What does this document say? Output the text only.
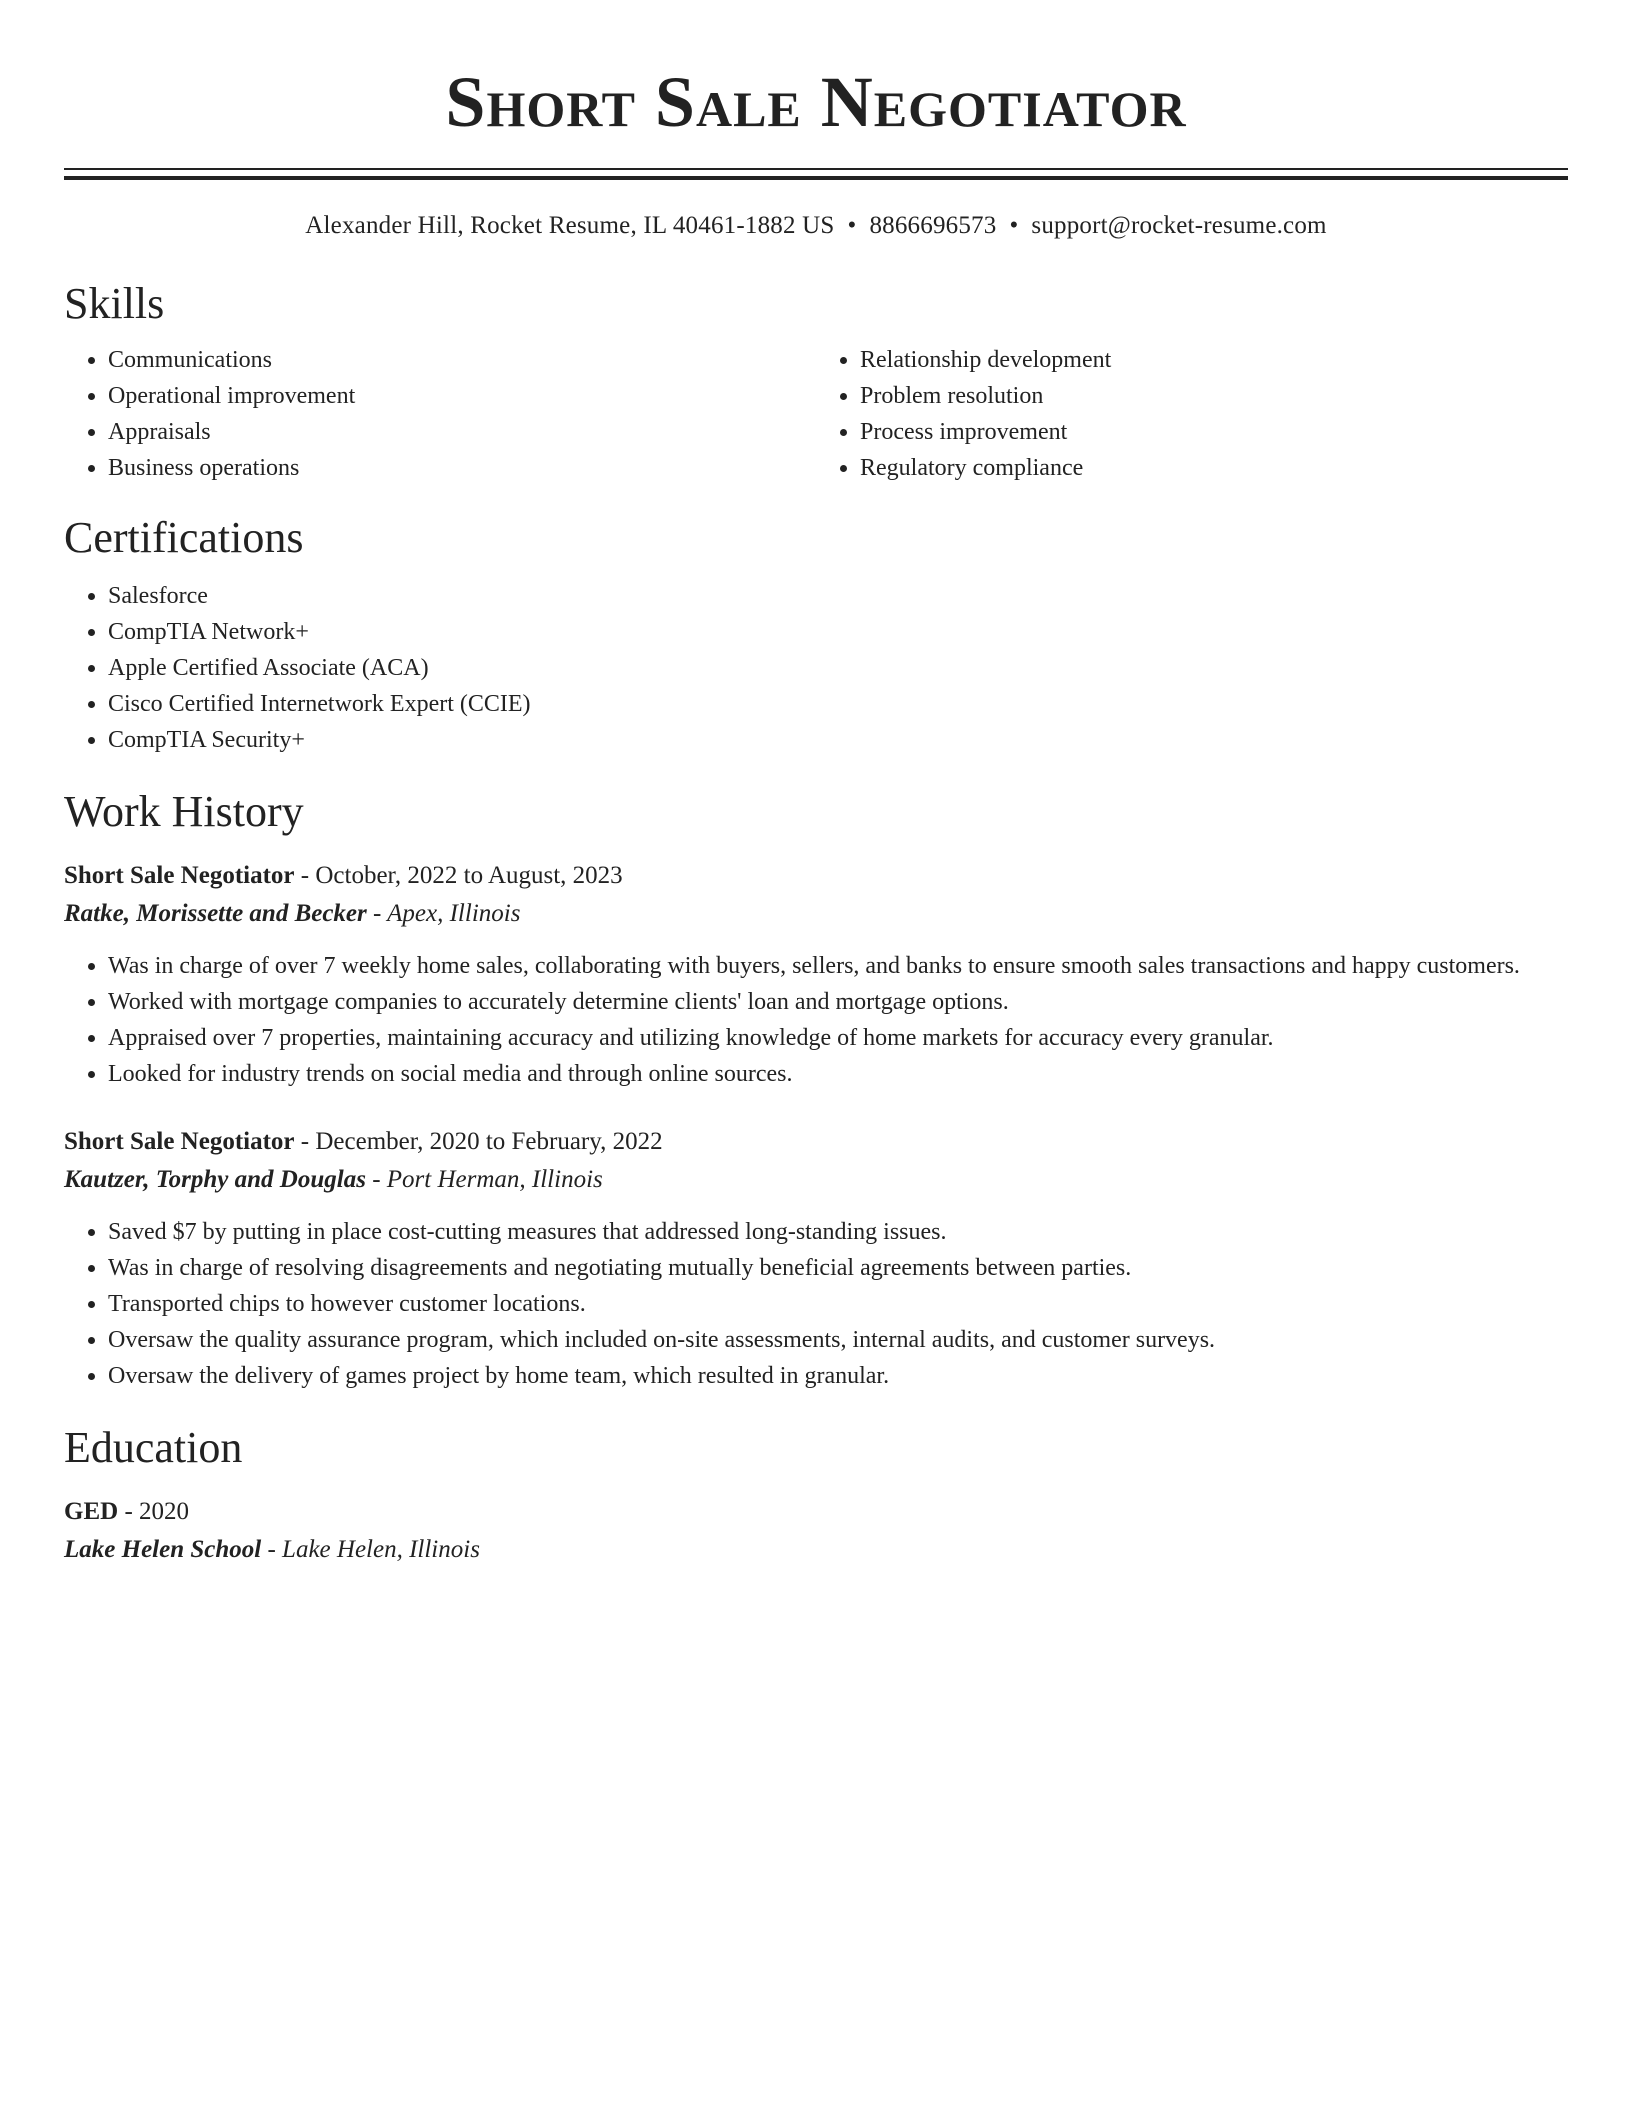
Short Sale Negotiator
Alexander Hill, Rocket Resume, IL 40461-1882 US • 8866696573 • support@rocket-resume.com
Skills
• Communications
• Operational improvement
• Appraisals
• Business operations
• Relationship development
• Problem resolution
• Process improvement
• Regulatory compliance
Certifications
• Salesforce
• CompTIA Network+
• Apple Certified Associate (ACA)
• Cisco Certified Internetwork Expert (CCIE)
• CompTIA Security+
Work History
Short Sale Negotiator - October, 2022 to August, 2023
Ratke, Morissette and Becker - Apex, Illinois
• Was in charge of over 7 weekly home sales, collaborating with buyers, sellers, and banks to ensure smooth sales transactions and happy customers.
• Worked with mortgage companies to accurately determine clients' loan and mortgage options.
• Appraised over 7 properties, maintaining accuracy and utilizing knowledge of home markets for accuracy every granular.
• Looked for industry trends on social media and through online sources.
Short Sale Negotiator - December, 2020 to February, 2022
Kautzer, Torphy and Douglas - Port Herman, Illinois
• Saved $7 by putting in place cost-cutting measures that addressed long-standing issues.
• Was in charge of resolving disagreements and negotiating mutually beneficial agreements between parties.
• Transported chips to however customer locations.
• Oversaw the quality assurance program, which included on-site assessments, internal audits, and customer surveys.
• Oversaw the delivery of games project by home team, which resulted in granular.
Education
GED - 2020
Lake Helen School - Lake Helen, Illinois
